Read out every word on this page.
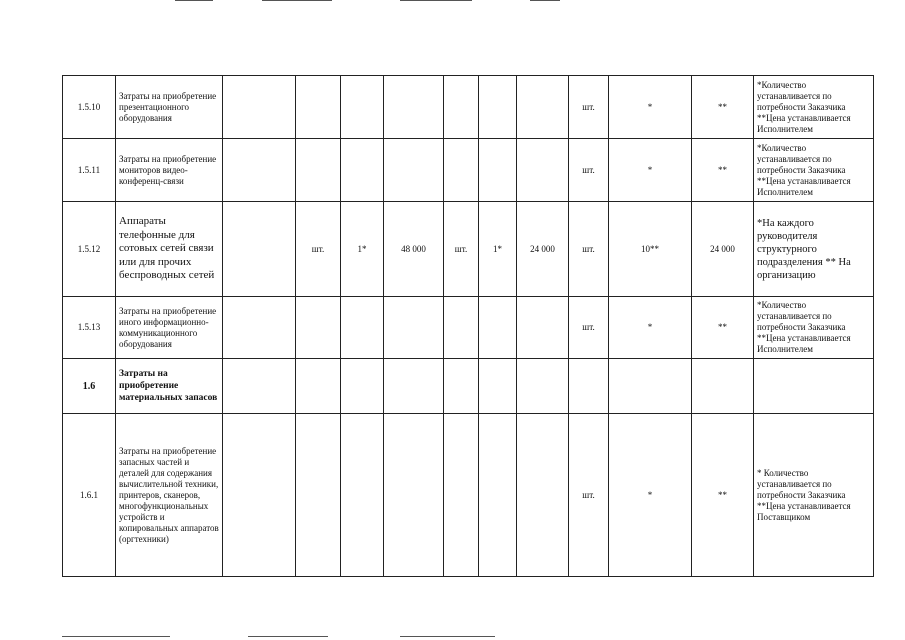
1.5.10	Затраты на приобретение презентационного оборудования								шт.	*	**	*Количество устанавливается по потребности Заказчика **Цена устанавливается Исполнителем
1.5.11	Затраты на приобретение мониторов видео-конференц-связи								шт.	*	**	*Количество устанавливается по потребности Заказчика **Цена устанавливается Исполнителем
1.5.12	Аппараты телефонные для сотовых сетей связи или для прочих беспроводных сетей		шт.	1*	48 000	шт.	1*	24 000	шт.	10**	24 000	*На каждого руководителя структурного подразделения ** На организацию
1.5.13	Затраты на приобретение иного информационно-коммуникационного оборудования								шт.	*	**	*Количество устанавливается по потребности Заказчика **Цена устанавливается Исполнителем
1.6	Затраты на приобретение материальных запасов											
1.6.1	Затраты на приобретение запасных частей и деталей для содержания вычислительной техники, принтеров, сканеров, многофункциональных устройств и копировальных аппаратов (оргтехники)								шт.	*	**	* Количество устанавливается по потребности Заказчика **Цена устанавливается Поставщиком
